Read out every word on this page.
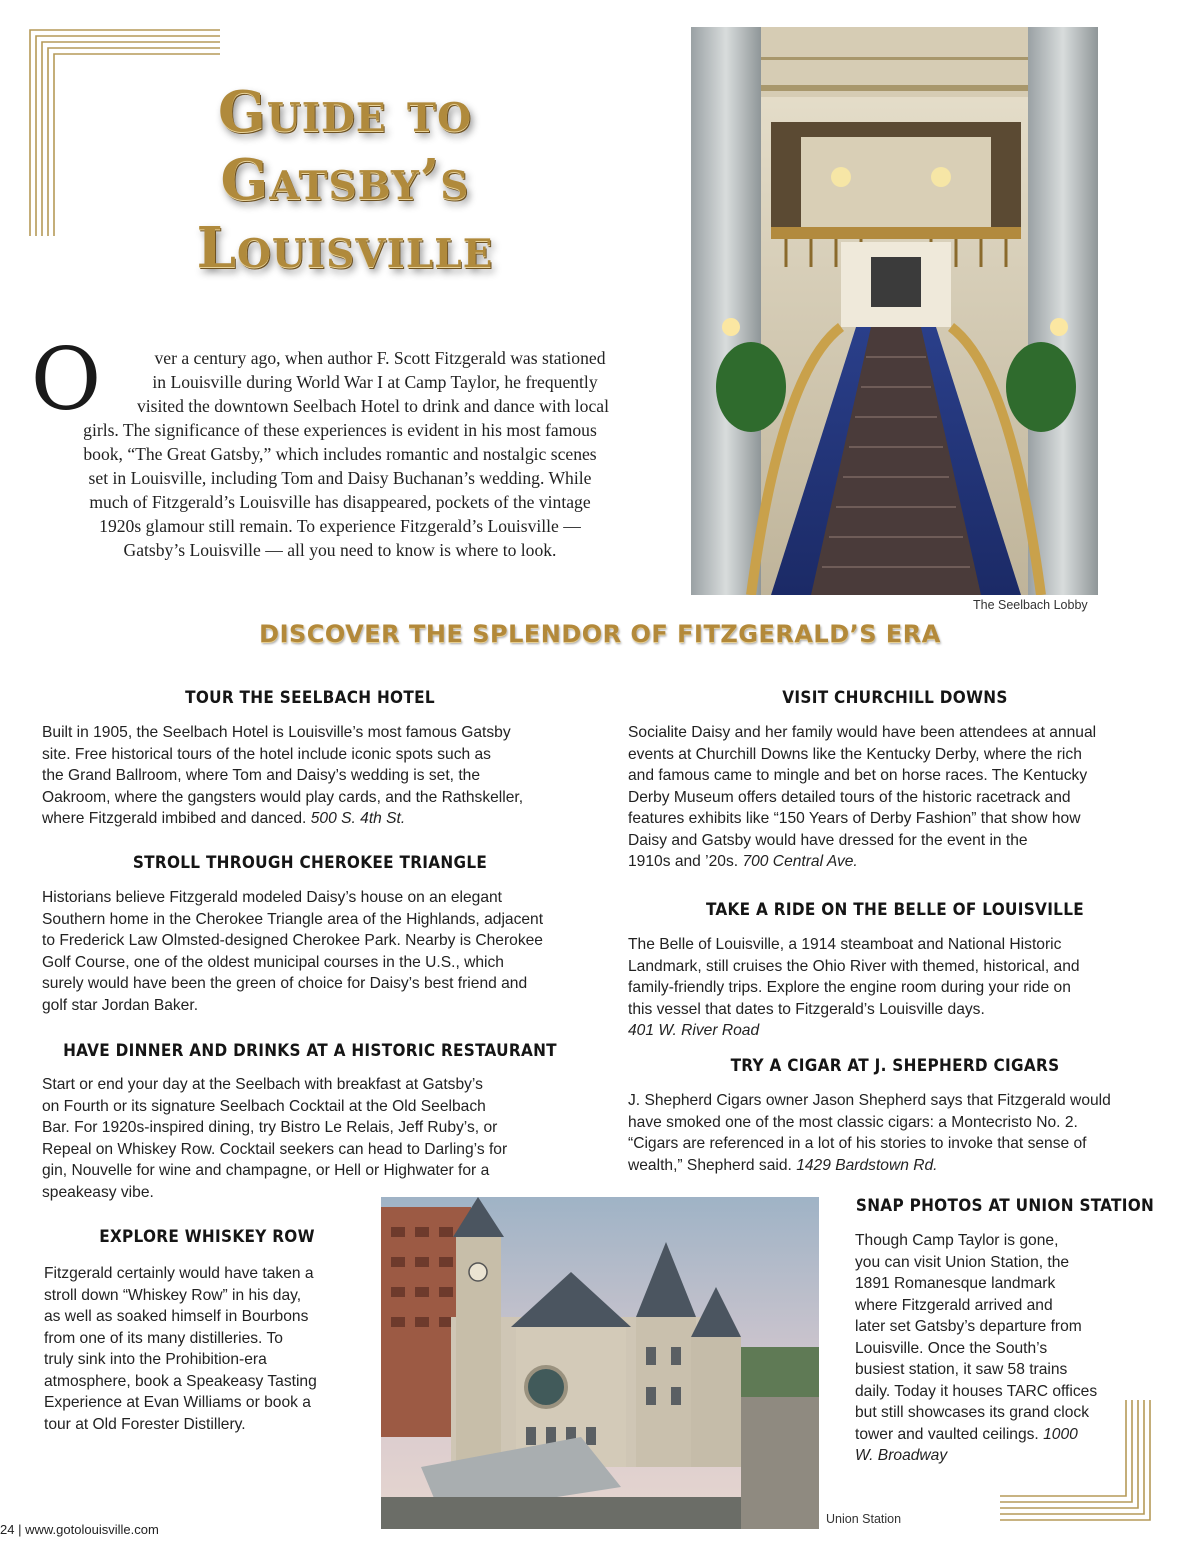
Guide to
Gatsby’s
Louisville
O	ver a century ago, when author F. Scott Fitzgerald was stationed
in Louisville during World War I at Camp Taylor, he frequently
visited the downtown Seelbach Hotel to drink and dance with local
girls. The significance of these experiences is evident in his most famous
book, “The Great Gatsby,” which includes romantic and nostalgic scenes
set in Louisville, including Tom and Daisy Buchanan’s wedding. While
much of Fitzgerald’s Louisville has disappeared, pockets of the vintage
1920s glamour still remain. To experience Fitzgerald’s Louisville —
Gatsby’s Louisville — all you need to know is where to look.
The Seelbach Lobby
DISCOVER THE SPLENDOR OF FITZGERALD’S ERA
TOUR THE SEELBACH HOTEL
Built in 1905, the Seelbach Hotel is Louisville’s most famous Gatsby
site. Free historical tours of the hotel include iconic spots such as
the Grand Ballroom, where Tom and Daisy’s wedding is set, the
Oakroom, where the gangsters would play cards, and the Rathskeller,
where Fitzgerald imbibed and danced. 500 S. 4th St.
STROLL THROUGH CHEROKEE TRIANGLE
Historians believe Fitzgerald modeled Daisy’s house on an elegant
Southern home in the Cherokee Triangle area of the Highlands, adjacent
to Frederick Law Olmsted-designed Cherokee Park. Nearby is Cherokee
Golf Course, one of the oldest municipal courses in the U.S., which
surely would have been the green of choice for Daisy’s best friend and
golf star Jordan Baker.
HAVE DINNER AND DRINKS AT A HISTORIC RESTAURANT
Start or end your day at the Seelbach with breakfast at Gatsby’s
on Fourth or its signature Seelbach Cocktail at the Old Seelbach
Bar. For 1920s-inspired dining, try Bistro Le Relais, Jeff Ruby’s, or
Repeal on Whiskey Row. Cocktail seekers can head to Darling’s for
gin, Nouvelle for wine and champagne, or Hell or Highwater for a
speakeasy vibe.
EXPLORE WHISKEY ROW
Fitzgerald certainly would have taken a
stroll down “Whiskey Row” in his day,
as well as soaked himself in Bourbons
from one of its many distilleries. To
truly sink into the Prohibition-era
atmosphere, book a Speakeasy Tasting
Experience at Evan Williams or book a
tour at Old Forester Distillery.
VISIT CHURCHILL DOWNS
Socialite Daisy and her family would have been attendees at annual
events at Churchill Downs like the Kentucky Derby, where the rich
and famous came to mingle and bet on horse races. The Kentucky
Derby Museum offers detailed tours of the historic racetrack and
features exhibits like “150 Years of Derby Fashion” that show how
Daisy and Gatsby would have dressed for the event in the
1910s and ’20s. 700 Central Ave.
TAKE A RIDE ON THE BELLE OF LOUISVILLE
The Belle of Louisville, a 1914 steamboat and National Historic
Landmark, still cruises the Ohio River with themed, historical, and
family-friendly trips. Explore the engine room during your ride on
this vessel that dates to Fitzgerald’s Louisville days.
401 W. River Road
TRY A CIGAR AT J. SHEPHERD CIGARS
J. Shepherd Cigars owner Jason Shepherd says that Fitzgerald would
have smoked one of the most classic cigars: a Montecristo No. 2.
“Cigars are referenced in a lot of his stories to invoke that sense of
wealth,” Shepherd said. 1429 Bardstown Rd.
Union Station
SNAP PHOTOS AT UNION STATION
Though Camp Taylor is gone,
you can visit Union Station, the
1891 Romanesque landmark
where Fitzgerald arrived and
later set Gatsby’s departure from
Louisville. Once the South’s
busiest station, it saw 58 trains
daily. Today it houses TARC offices
but still showcases its grand clock
tower and vaulted ceilings. 1000
W. Broadway
24 | www.gotolouisville.com
